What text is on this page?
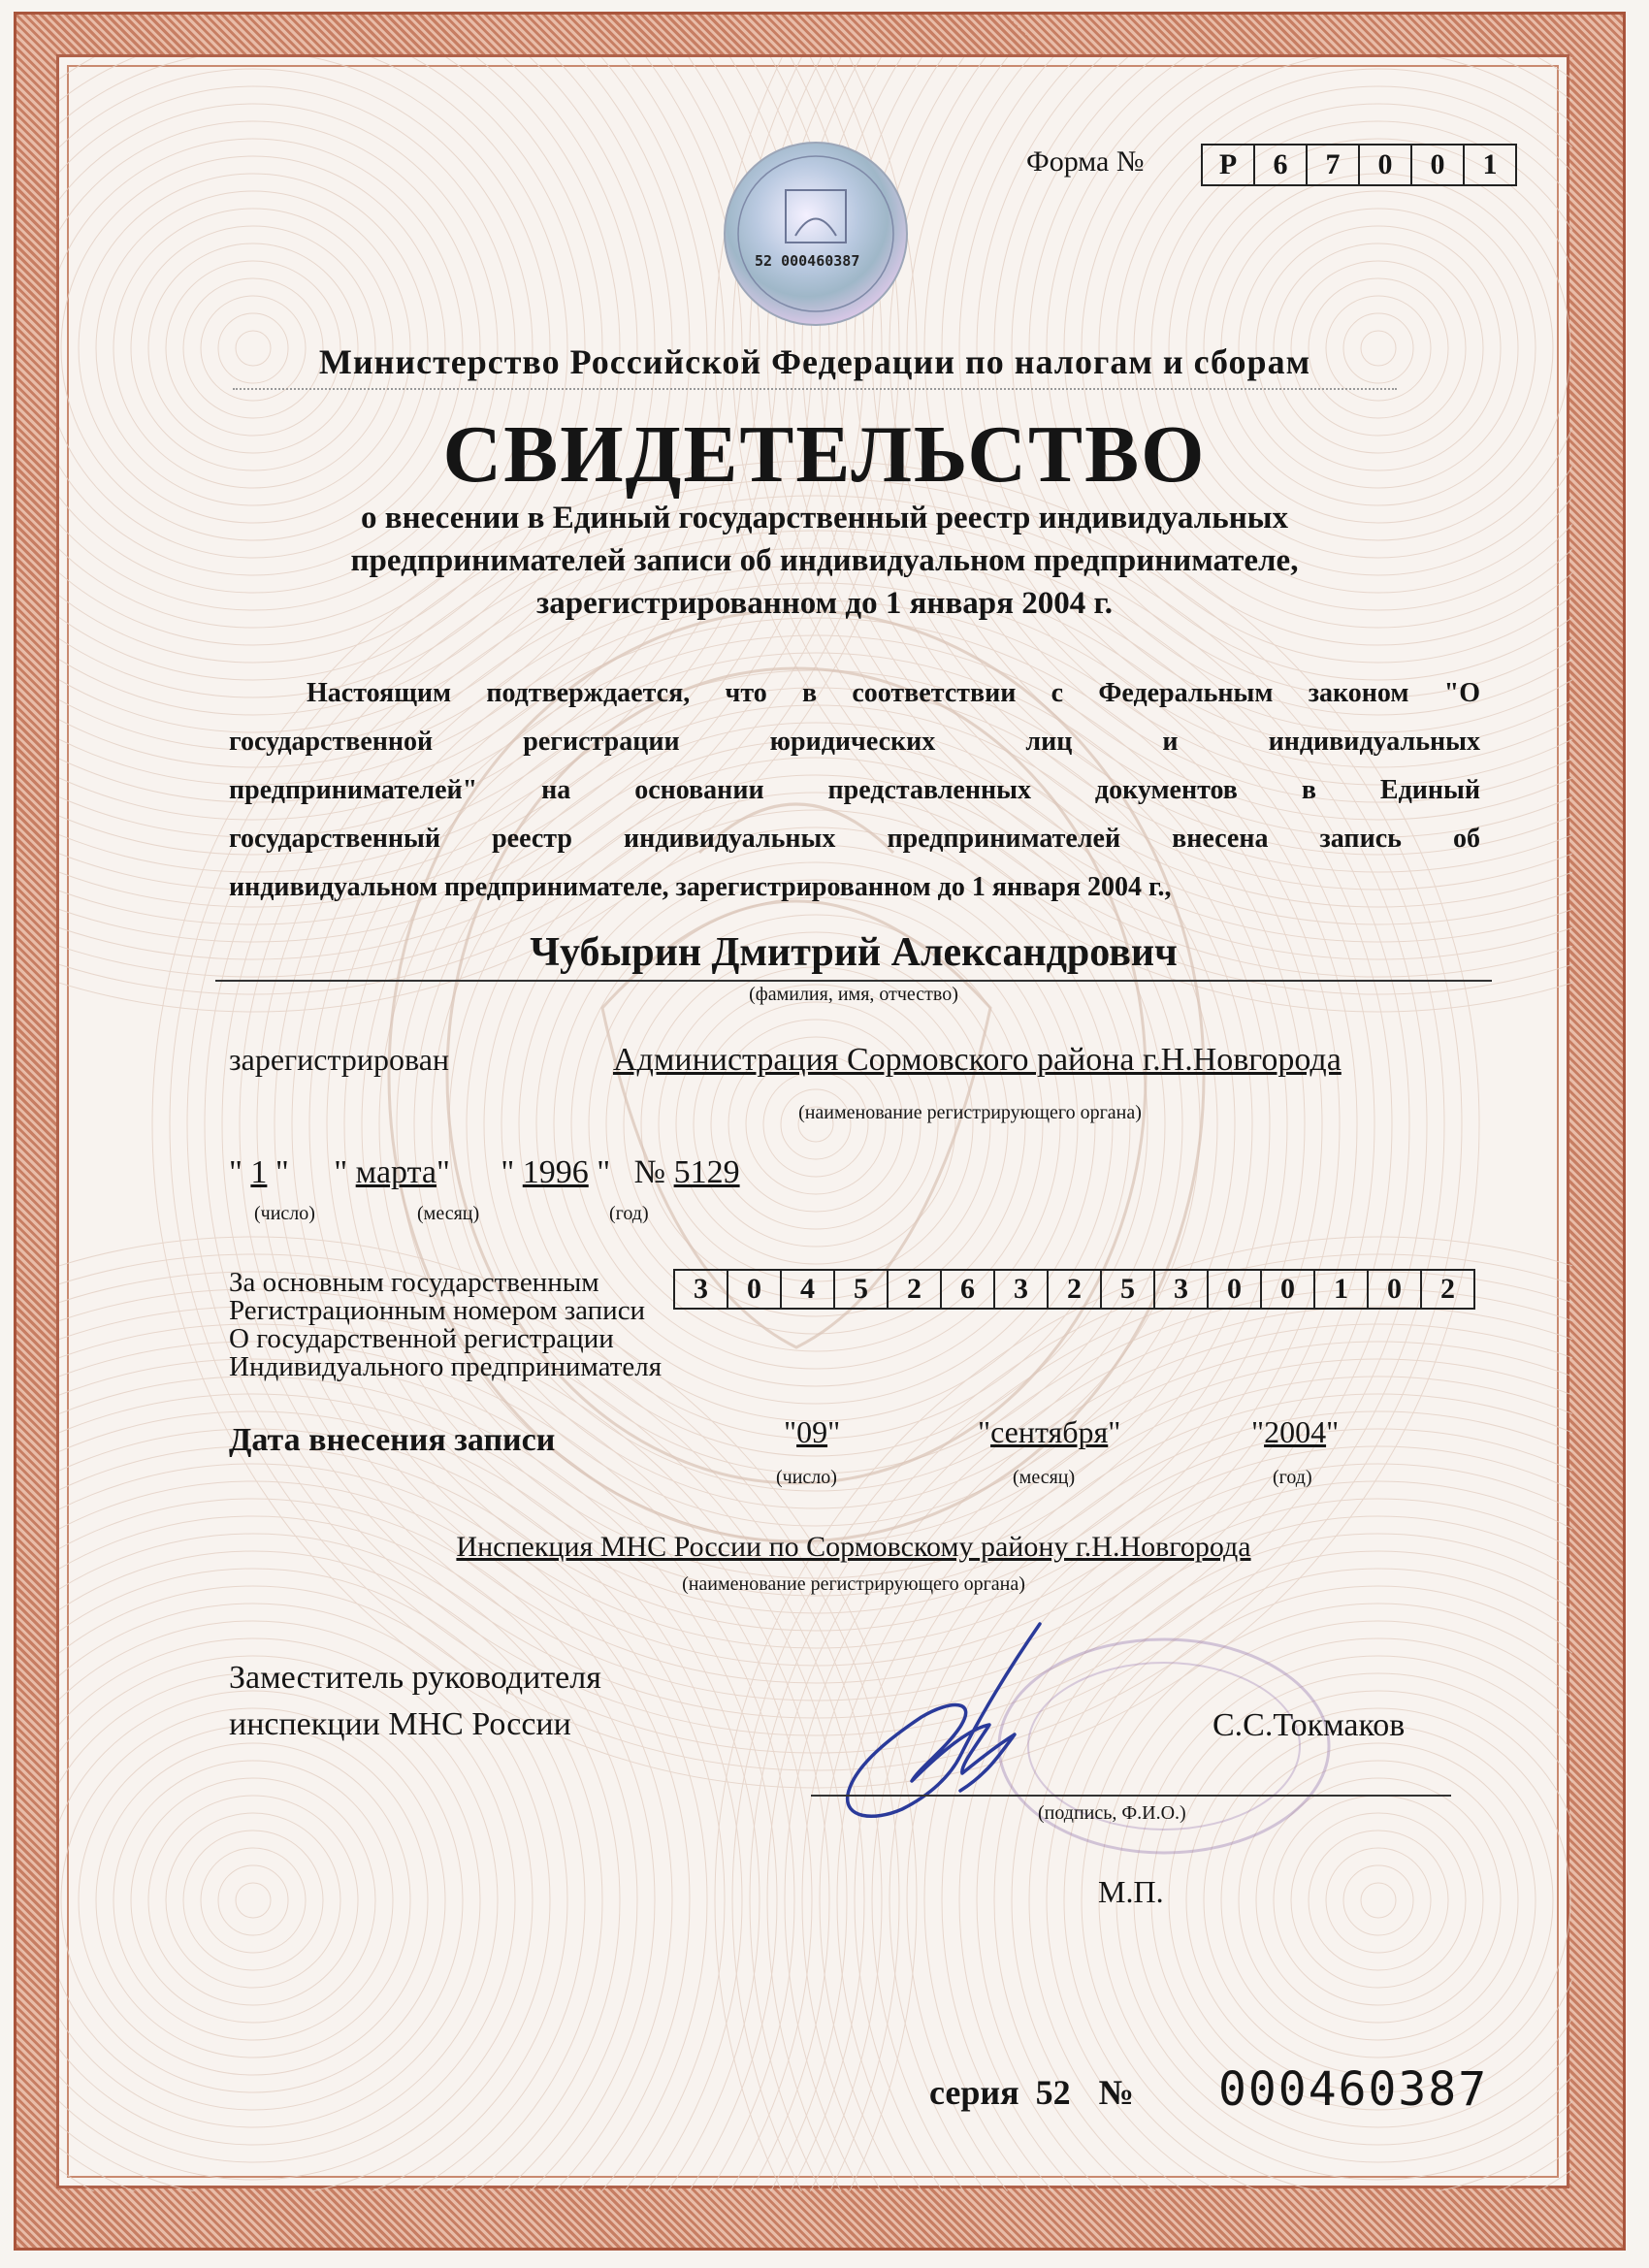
Форма №	Р	6	7	0	0	1
52 000460387
Министерство Российской Федерации по налогам и сборам
СВИДЕТЕЛЬСТВО
о внесении в Единый государственный реестр индивидуальных
предпринимателей записи об индивидуальном предпринимателе,
зарегистрированном до 1 января 2004 г.
Настоящим подтверждается, что в соответствии с Федеральным законом "О
государственной регистрации юридических лиц и индивидуальных
предпринимателей" на основании представленных документов в Единый
государственный реестр индивидуальных предпринимателей внесена запись об
индивидуальном предпринимателе, зарегистрированном до 1 января 2004 г.,
Чубырин Дмитрий Александрович
(фамилия, имя, отчество)
зарегистрирован	Администрация Сормовского района г.Н.Новгорода
(наименование регистрирующего органа)
" 1 " " марта" " 1996 " № 5129
(число)	(месяц)	(год)
За основным государственным
Регистрационным номером записи
О государственной регистрации
Индивидуального предпринимателя
3	0	4	5	2	6	3	2	5	3	0	0	1	0	2
Дата внесения записи	"09"	"сентября"	"2004"
(число)	(месяц)	(год)
Инспекция МНС России по Сормовскому району г.Н.Новгорода
(наименование регистрирующего органа)
Заместитель руководителя
инспекции МНС России	С.С.Токмаков
(подпись, Ф.И.О.)
М.П.
серия 52 № 000460387
